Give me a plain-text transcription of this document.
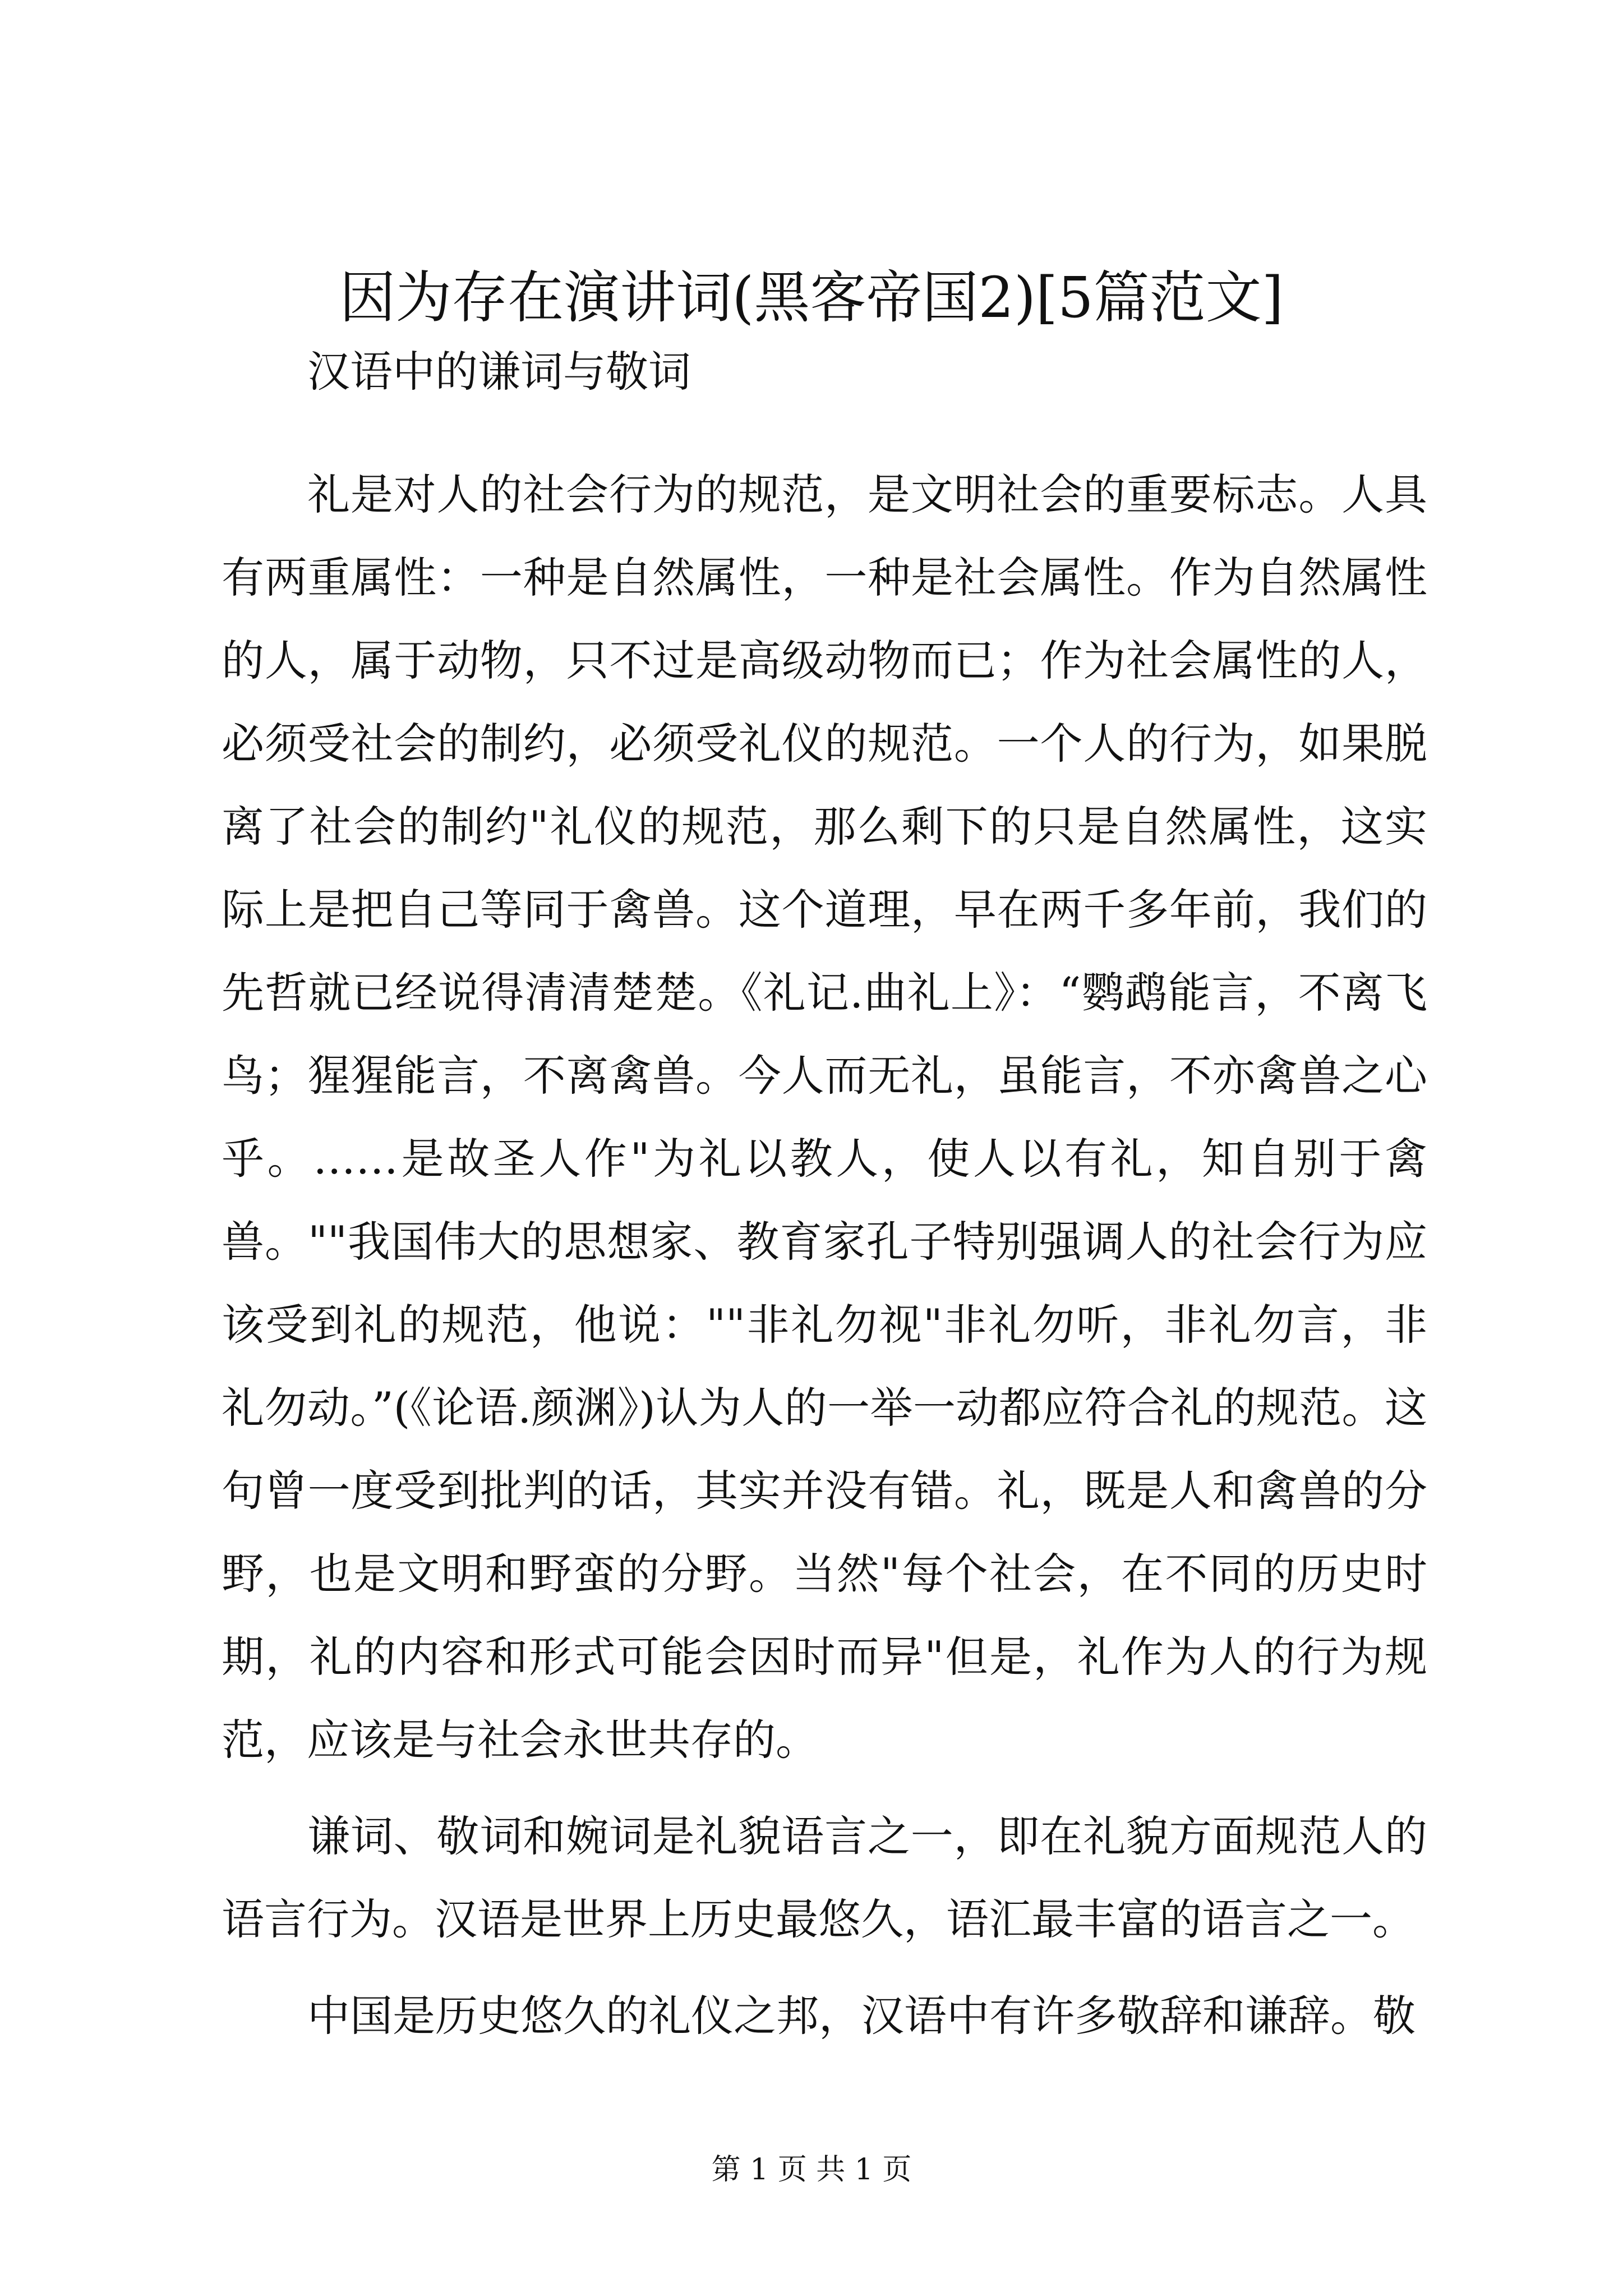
因为存在演讲词(黑客帝国2)[5篇范文]
汉语中的谦词与敬词

礼是对人的社会行为的规范，是文明社会的重要标志。人具有两重属性：一种是自然属性，一种是社会属性。作为自然属性的人，属于动物，只不过是高级动物而已；作为社会属性的人，必须受社会的制约，必须受礼仪的规范。一个人的行为，如果脱离了社会的制约"礼仪的规范，那么剩下的只是自然属性，这实际上是把自己等同于禽兽。这个道理，早在两千多年前，我们的先哲就已经说得清清楚楚。《礼记.曲礼上》：“鹦鹉能言，不离飞鸟；猩猩能言，不离禽兽。今人而无礼，虽能言，不亦禽兽之心乎。……是故圣人作"为礼以教人，使人以有礼，知自别于禽兽。""我国伟大的思想家、教育家孔子特别强调人的社会行为应该受到礼的规范，他说：""非礼勿视"非礼勿听，非礼勿言，非礼勿动。”(《论语.颜渊》)认为人的一举一动都应符合礼的规范。这句曾一度受到批判的话，其实并没有错。礼，既是人和禽兽的分野，也是文明和野蛮的分野。当然"每个社会，在不同的历史时期，礼的内容和形式可能会因时而异"但是，礼作为人的行为规范，应该是与社会永世共存的。

谦词、敬词和婉词是礼貌语言之一，即在礼貌方面规范人的语言行为。汉语是世界上历史最悠久，语汇最丰富的语言之一。

中国是历史悠久的礼仪之邦，汉语中有许多敬辞和谦辞。敬

第 1 页 共 1 页
